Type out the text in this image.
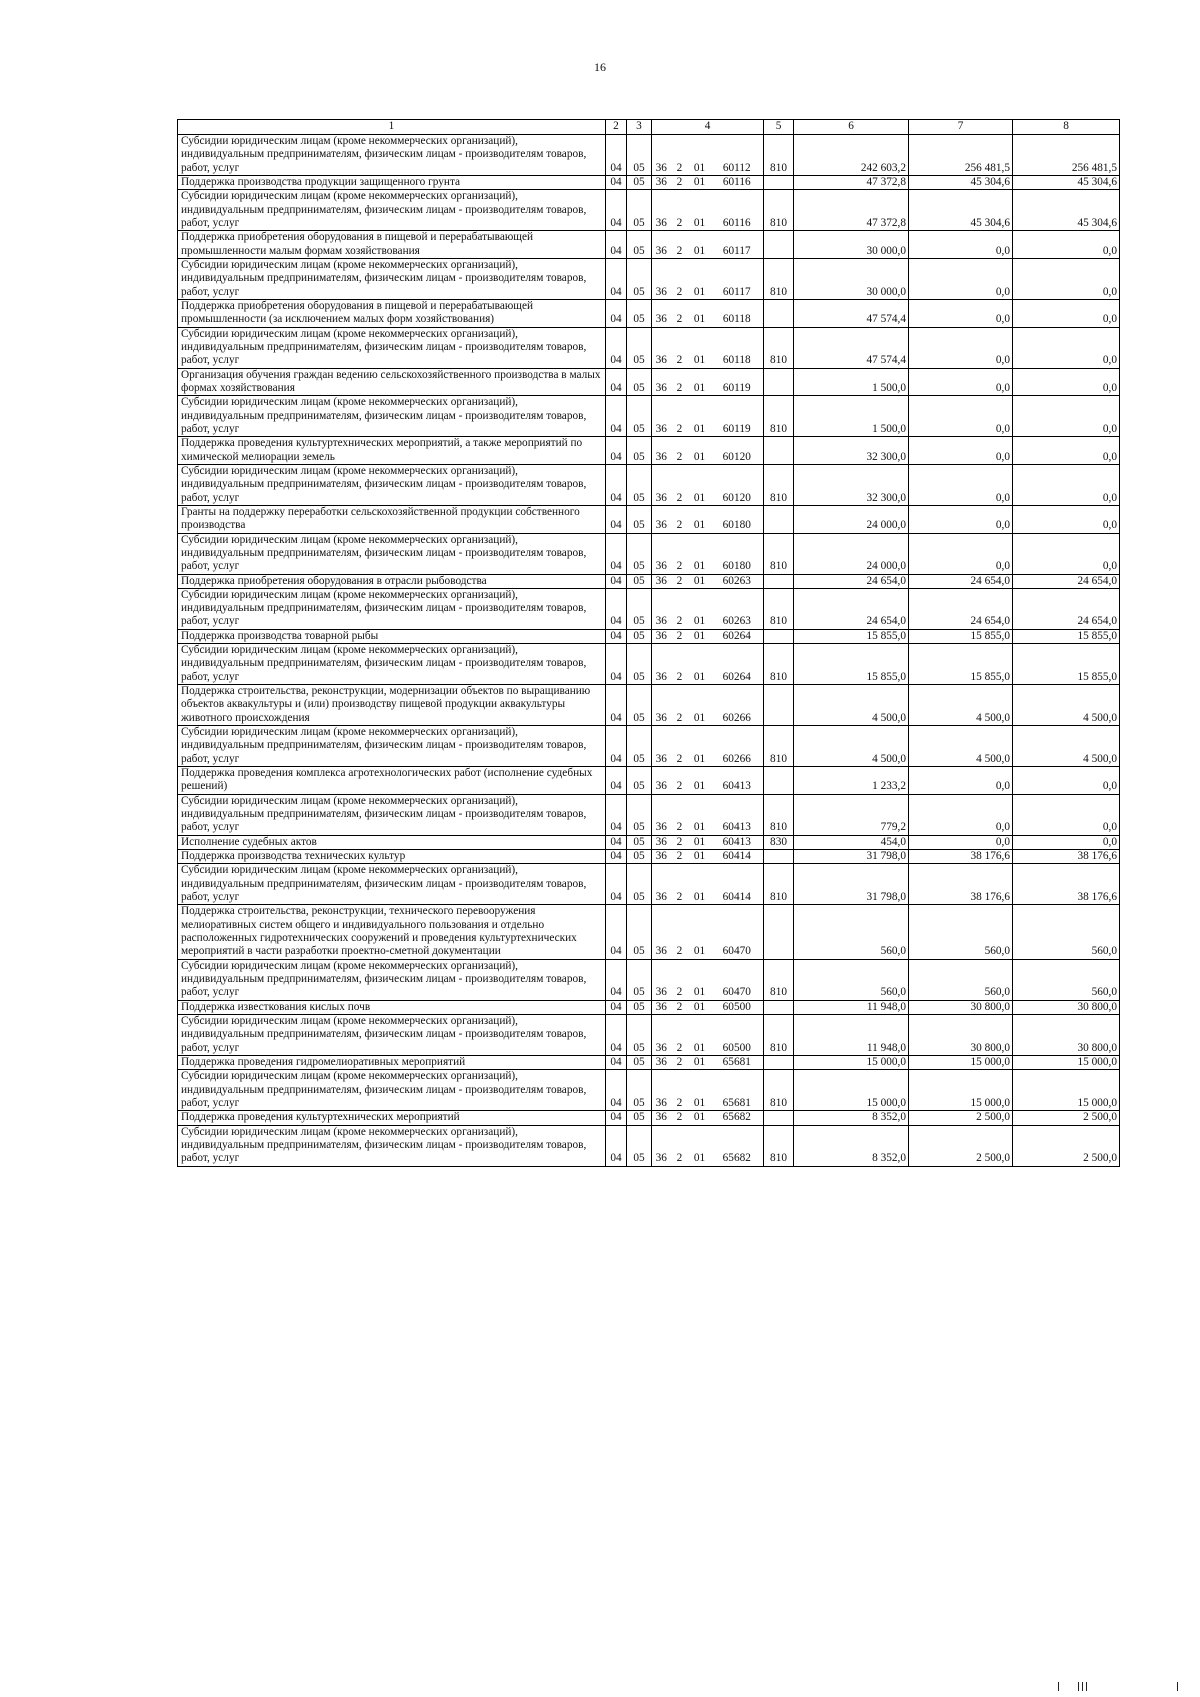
16
1	2	3	4				5	6	7	8
Субсидии юридическим лицам (кроме некоммерческих организаций), индивидуальным предпринимателям, физическим лицам - производителям товаров, работ, услуг	04	05	36	2	01	60112	810	242 603,2	256 481,5	256 481,5
Поддержка производства продукции защищенного грунта	04	05	36	2	01	60116		47 372,8	45 304,6	45 304,6
Субсидии юридическим лицам (кроме некоммерческих организаций), индивидуальным предпринимателям, физическим лицам - производителям товаров, работ, услуг	04	05	36	2	01	60116	810	47 372,8	45 304,6	45 304,6
Поддержка приобретения оборудования в пищевой и перерабатывающей промышленности малым формам хозяйствования	04	05	36	2	01	60117		30 000,0	0,0	0,0
Субсидии юридическим лицам (кроме некоммерческих организаций), индивидуальным предпринимателям, физическим лицам - производителям товаров, работ, услуг	04	05	36	2	01	60117	810	30 000,0	0,0	0,0
Поддержка приобретения оборудования в пищевой и перерабатывающей промышленности (за исключением малых форм хозяйствования)	04	05	36	2	01	60118		47 574,4	0,0	0,0
Субсидии юридическим лицам (кроме некоммерческих организаций), индивидуальным предпринимателям, физическим лицам - производителям товаров, работ, услуг	04	05	36	2	01	60118	810	47 574,4	0,0	0,0
Организация обучения граждан ведению сельскохозяйственного производства в малых формах хозяйствования	04	05	36	2	01	60119		1 500,0	0,0	0,0
Субсидии юридическим лицам (кроме некоммерческих организаций), индивидуальным предпринимателям, физическим лицам - производителям товаров, работ, услуг	04	05	36	2	01	60119	810	1 500,0	0,0	0,0
Поддержка проведения культуртехнических мероприятий, а также мероприятий по химической мелиорации земель	04	05	36	2	01	60120		32 300,0	0,0	0,0
Субсидии юридическим лицам (кроме некоммерческих организаций), индивидуальным предпринимателям, физическим лицам - производителям товаров, работ, услуг	04	05	36	2	01	60120	810	32 300,0	0,0	0,0
Гранты на поддержку переработки сельскохозяйственной продукции собственного производства	04	05	36	2	01	60180		24 000,0	0,0	0,0
Субсидии юридическим лицам (кроме некоммерческих организаций), индивидуальным предпринимателям, физическим лицам - производителям товаров, работ, услуг	04	05	36	2	01	60180	810	24 000,0	0,0	0,0
Поддержка приобретения оборудования в отрасли рыбоводства	04	05	36	2	01	60263		24 654,0	24 654,0	24 654,0
Субсидии юридическим лицам (кроме некоммерческих организаций), индивидуальным предпринимателям, физическим лицам - производителям товаров, работ, услуг	04	05	36	2	01	60263	810	24 654,0	24 654,0	24 654,0
Поддержка производства товарной рыбы	04	05	36	2	01	60264		15 855,0	15 855,0	15 855,0
Субсидии юридическим лицам (кроме некоммерческих организаций), индивидуальным предпринимателям, физическим лицам - производителям товаров, работ, услуг	04	05	36	2	01	60264	810	15 855,0	15 855,0	15 855,0
Поддержка строительства, реконструкции, модернизации объектов по выращиванию объектов аквакультуры и (или) производству пищевой продукции аквакультуры животного происхождения	04	05	36	2	01	60266		4 500,0	4 500,0	4 500,0
Субсидии юридическим лицам (кроме некоммерческих организаций), индивидуальным предпринимателям, физическим лицам - производителям товаров, работ, услуг	04	05	36	2	01	60266	810	4 500,0	4 500,0	4 500,0
Поддержка проведения комплекса агротехнологических работ (исполнение судебных решений)	04	05	36	2	01	60413		1 233,2	0,0	0,0
Субсидии юридическим лицам (кроме некоммерческих организаций), индивидуальным предпринимателям, физическим лицам - производителям товаров, работ, услуг	04	05	36	2	01	60413	810	779,2	0,0	0,0
Исполнение судебных актов	04	05	36	2	01	60413	830	454,0	0,0	0,0
Поддержка производства технических культур	04	05	36	2	01	60414		31 798,0	38 176,6	38 176,6
Субсидии юридическим лицам (кроме некоммерческих организаций), индивидуальным предпринимателям, физическим лицам - производителям товаров, работ, услуг	04	05	36	2	01	60414	810	31 798,0	38 176,6	38 176,6
Поддержка строительства, реконструкции, технического перевооружения мелиоративных систем общего и индивидуального пользования и отдельно расположенных гидротехнических сооружений и проведения культуртехнических мероприятий в части разработки проектно-сметной документации	04	05	36	2	01	60470		560,0	560,0	560,0
Субсидии юридическим лицам (кроме некоммерческих организаций), индивидуальным предпринимателям, физическим лицам - производителям товаров, работ, услуг	04	05	36	2	01	60470	810	560,0	560,0	560,0
Поддержка известкования кислых почв	04	05	36	2	01	60500		11 948,0	30 800,0	30 800,0
Субсидии юридическим лицам (кроме некоммерческих организаций), индивидуальным предпринимателям, физическим лицам - производителям товаров, работ, услуг	04	05	36	2	01	60500	810	11 948,0	30 800,0	30 800,0
Поддержка проведения гидромелиоративных мероприятий	04	05	36	2	01	65681		15 000,0	15 000,0	15 000,0
Субсидии юридическим лицам (кроме некоммерческих организаций), индивидуальным предпринимателям, физическим лицам - производителям товаров, работ, услуг	04	05	36	2	01	65681	810	15 000,0	15 000,0	15 000,0
Поддержка проведения культуртехнических мероприятий	04	05	36	2	01	65682		8 352,0	2 500,0	2 500,0
Субсидии юридическим лицам (кроме некоммерческих организаций), индивидуальным предпринимателям, физическим лицам - производителям товаров, работ, услуг	04	05	36	2	01	65682	810	8 352,0	2 500,0	2 500,0
